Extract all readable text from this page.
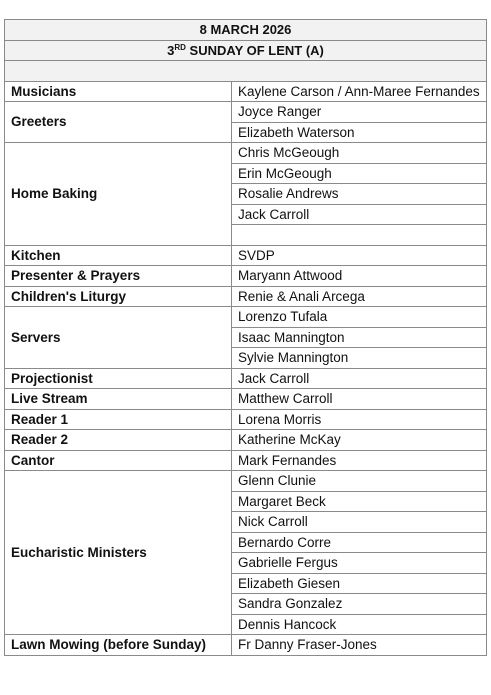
8 MARCH 2026	
3RD SUNDAY OF LENT (A)	

Musicians	Kaylene Carson / Ann-Maree Fernandes
Greeters	Joyce Ranger
	Elizabeth Waterson
Home Baking	Chris McGeough
	Erin McGeough
	Rosalie Andrews
	Jack Carroll

Kitchen	SVDP
Presenter & Prayers	Maryann Attwood
Children's Liturgy	Renie & Anali Arcega
Servers	Lorenzo Tufala
	Isaac Mannington
	Sylvie Mannington
Projectionist	Jack Carroll
Live Stream	Matthew Carroll
Reader 1	Lorena Morris
Reader 2	Katherine McKay
Cantor	Mark Fernandes
Eucharistic Ministers	Glenn Clunie
	Margaret Beck
	Nick Carroll
	Bernardo Corre
	Gabrielle Fergus
	Elizabeth Giesen
	Sandra Gonzalez
	Dennis Hancock
Lawn Mowing (before Sunday)	Fr Danny Fraser-Jones
